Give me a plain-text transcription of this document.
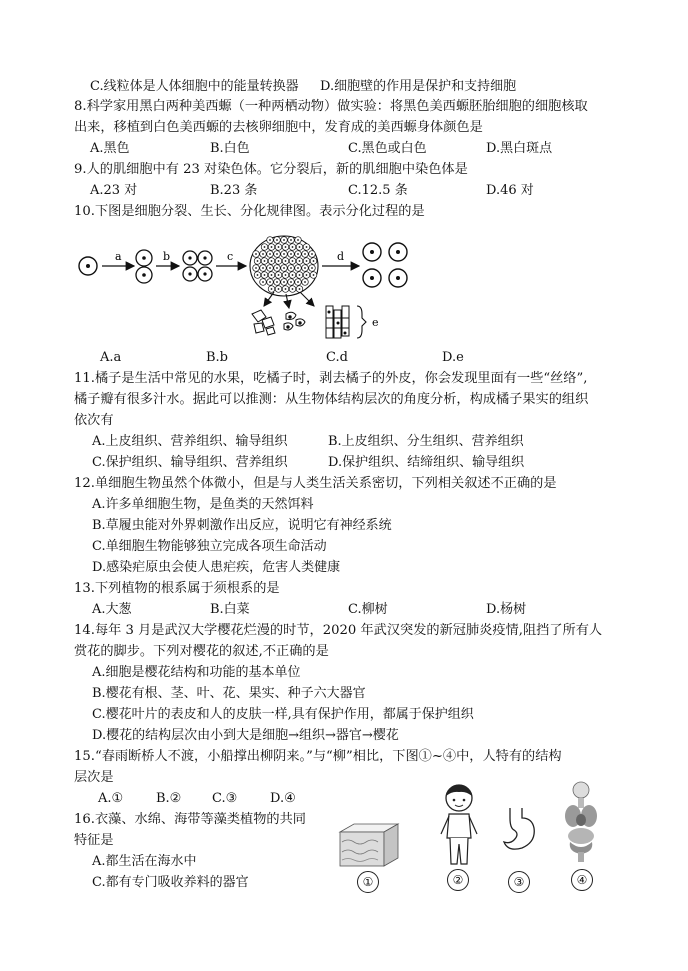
C.线粒体是人体细胞中的能量转换器 D.细胞壁的作用是保护和支持细胞
8.科学家用黑白两种美西螈（一种两栖动物）做实验：将黑色美西螈胚胎细胞的细胞核取
出来，移植到白色美西螈的去核卵细胞中，发育成的美西螈身体颜色是
A.黑色	B.白色	C.黑色或白色	D.黑白斑点
9.人的肌细胞中有 23 对染色体。它分裂后，新的肌细胞中染色体是
A.23 对	B.23 条	C.12.5 条	D.46 对
10.下图是细胞分裂、生长、分化规律图。表示分化过程的是
a	b	c	d
e
A.a	B.b	C.d	D.e
11.橘子是生活中常见的水果，吃橘子时，剥去橘子的外皮，你会发现里面有一些“丝络”,
橘子瓣有很多汁水。据此可以推测：从生物体结构层次的角度分析，构成橘子果实的组织
依次有
A.上皮组织、营养组织、输导组织	B.上皮组织、分生组织、营养组织
C.保护组织、输导组织、营养组织	D.保护组织、结缔组织、输导组织
12.单细胞生物虽然个体微小，但是与人类生活关系密切，下列相关叙述不正确的是
A.许多单细胞生物，是鱼类的天然饵料
B.草履虫能对外界刺激作出反应，说明它有神经系统
C.单细胞生物能够独立完成各项生命活动
D.感染疟原虫会使人患疟疾，危害人类健康
13.下列植物的根系属于须根系的是
A.大葱	B.白菜	C.柳树	D.杨树
14.每年 3 月是武汉大学樱花烂漫的时节，2020 年武汉突发的新冠肺炎疫情,阻挡了所有人
赏花的脚步。下列对樱花的叙述,不正确的是
A.细胞是樱花结构和功能的基本单位
B.樱花有根、茎、叶、花、果实、种子六大器官
C.樱花叶片的表皮和人的皮肤一样,具有保护作用，都属于保护组织
D.樱花的结构层次由小到大是细胞→组织→器官→樱花
15.“春雨断桥人不渡，小船撑出柳阴来。”与“柳”相比，下图①~④中，人特有的结构
层次是
A.①	B.② C.③	D.④
16.衣藻、水绵、海带等藻类植物的共同
特征是
A.都生活在海水中
C.都有专门吸收养料的器官	①	②	③	④
